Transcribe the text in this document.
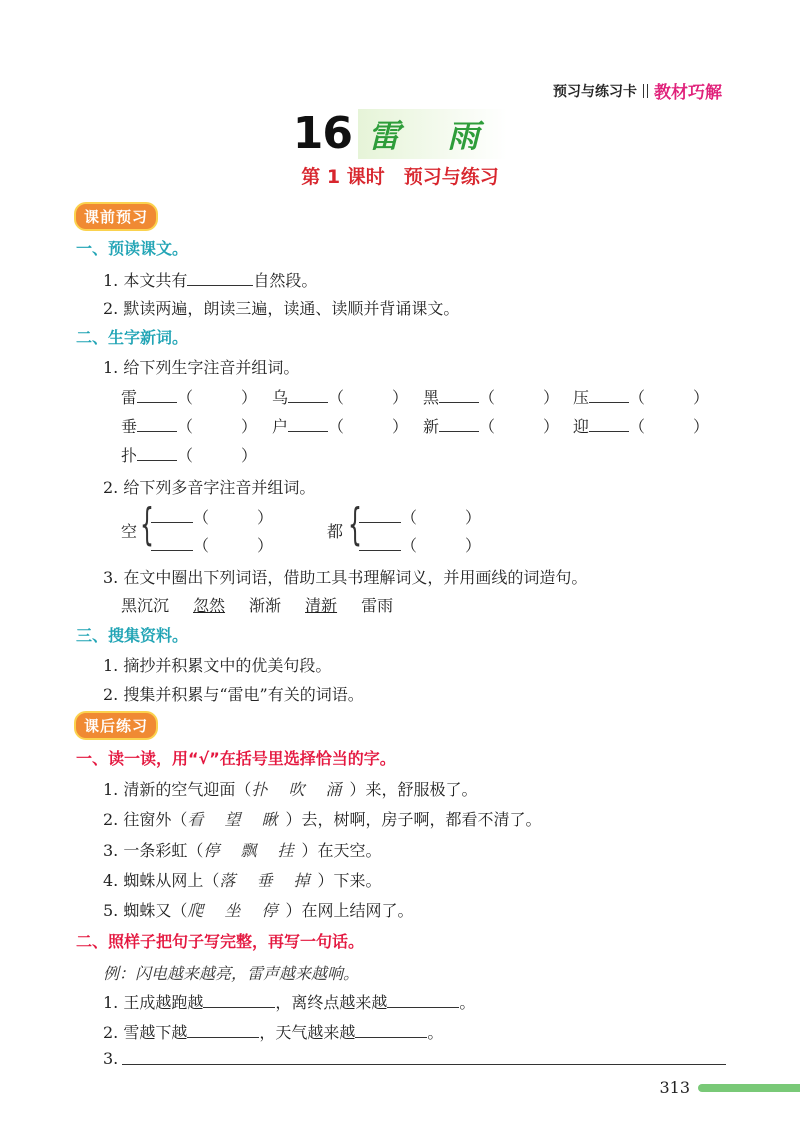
预习与练习卡 教材巧解
16 雷 雨
第 1 课时　预习与练习
课前预习
一、预读课文。
1. 本文共有	自然段。
2. 默读两遍，朗读三遍，读通、读顺并背诵课文。
二、生字新词。
1. 给下列生字注音并组词。
雷	（   ） 乌	（   ） 黑	（   ） 压	（   ）
垂	（   ） 户	（   ） 新	（   ） 迎	（   ）
扑	（   ）
2. 给下列多音字注音并组词。
空 {	（   ）
（   ）
都 {	（   ）
（   ）
3. 在文中圈出下列词语，借助工具书理解词义，并用画线的词造句。
黑沉沉   忽然   渐渐   清新   雷雨
三、搜集资料。
1. 摘抄并积累文中的优美句段。
2. 搜集并积累与“雷电”有关的词语。
课后练习
一、读一读，用“√”在括号里选择恰当的字。
1. 清新的空气迎面（扑 吹 涌）来，舒服极了。
2. 往窗外（看 望 瞅）去，树啊，房子啊，都看不清了。
3. 一条彩虹（停 飘 挂）在天空。
4. 蜘蛛从网上（落 垂 掉）下来。
5. 蜘蛛又（爬 坐 停）在网上结网了。
二、照样子把句子写完整，再写一句话。
例：闪电越来越亮，雷声越来越响。
1. 王成越跑越	，离终点越来越	。
2. 雪越下越	，天气越来越	。
3.
313
